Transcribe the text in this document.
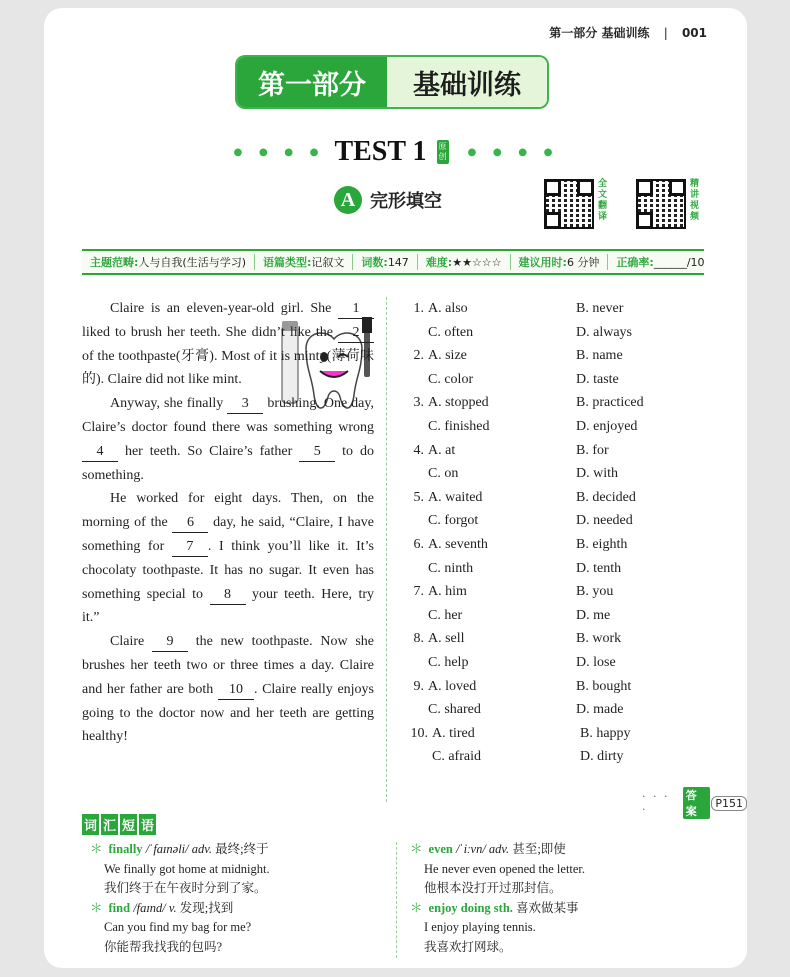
第一部分 基础训练 | 001
第一部分	基础训练
● ● ● ● TEST 1 原创 ● ● ● ●
A 完形填空
全文翻译
精讲视频
主题范畴:人与自我(生活与学习)	语篇类型:记叙文	词数:147	难度:★★☆☆☆	建议用时:6 分钟	正确率:______/10

Claire is an eleven-year-old girl. She 1 liked to brush her teeth. She didn’t like the 2 of the toothpaste(牙膏). Most of it is minty(薄荷味的). Claire did not like mint.

Anyway, she finally 3 brushing. One day, Claire’s doctor found there was something wrong 4 her teeth. So Claire’s father 5 to do something.

He worked for eight days. Then, on the morning of the 6 day, he said, “Claire, I have something for 7 . I think you’ll like it. It’s chocolaty toothpaste. It has no sugar. It even has something special to 8 your teeth. Here, try it.”

Claire 9 the new toothpaste. Now she brushes her teeth two or three times a day. Claire and her father are both 10 . Claire really enjoys going to the doctor now and her teeth are getting healthy!

1. A. also	B. never
C. often	D. always
2. A. size	B. name
C. color	D. taste
3. A. stopped	B. practiced
C. finished	D. enjoyed
4. A. at	B. for
C. on	D. with
5. A. waited	B. decided
C. forgot	D. needed
6. A. seventh	B. eighth
C. ninth	D. tenth
7. A. him	B. you
C. her	D. me
8. A. sell	B. work
C. help	D. lose
9. A. loved	B. bought
C. shared	D. made
10. A. tired	B. happy
C. afraid	D. dirty
· · · ·
答案
P151
词 汇 短 语
＊ finally /ˈfaɪnəli/ adv. 最终;终于
We finally got home at midnight.
我们终于在午夜时分到了家。
＊ find /faɪnd/ v. 发现;找到
Can you find my bag for me?
你能帮我找我的包吗?
＊ even /ˈiːvn/ adv. 甚至;即使
He never even opened the letter.
他根本没打开过那封信。
＊ enjoy doing sth. 喜欢做某事
I enjoy playing tennis.
我喜欢打网球。
